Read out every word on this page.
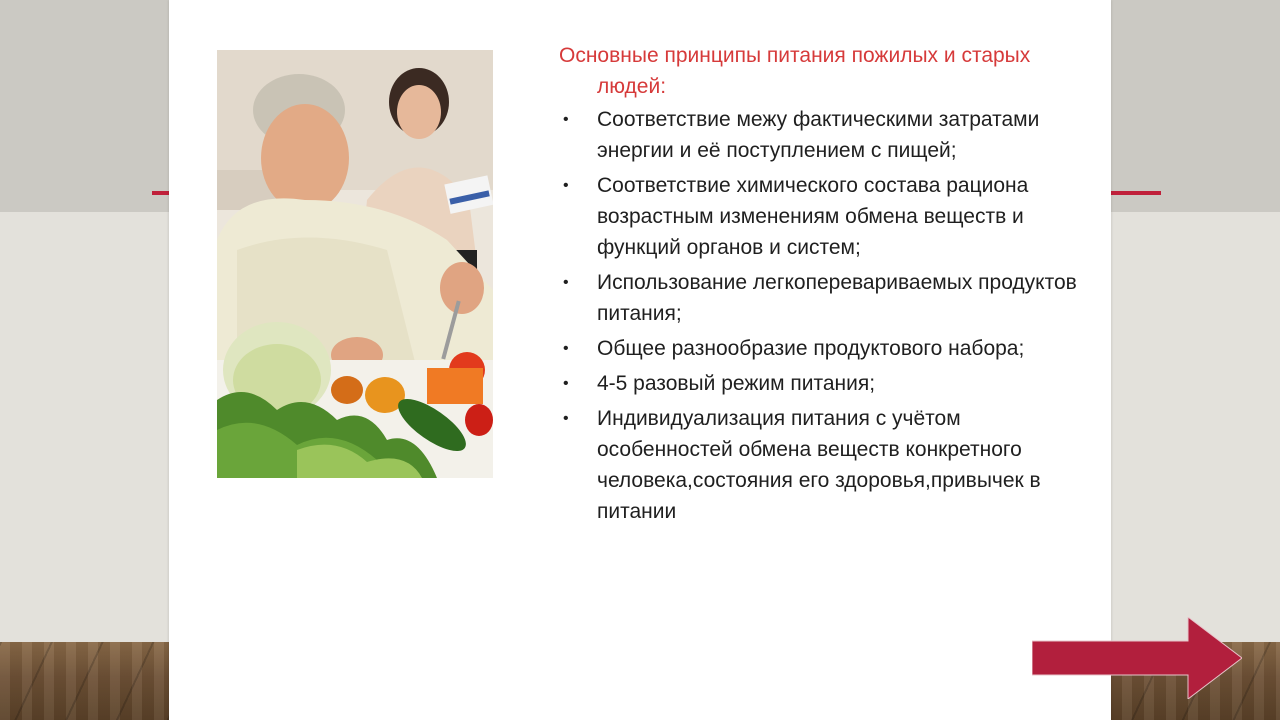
Основные принципы питания пожилых и старых людей:

• Соответствие межу фактическими затратами энергии и её поступлением с пищей;
• Соответствие химического состава рациона возрастным изменениям обмена веществ и функций органов и систем;
• Использование легкоперевариваемых продуктов питания;
• Общее разнообразие продуктового набора;
• 4-5 разовый режим питания;
• Индивидуализация питания с учётом особенностей обмена веществ конкретного человека,состояния его здоровья,привычек в питании
